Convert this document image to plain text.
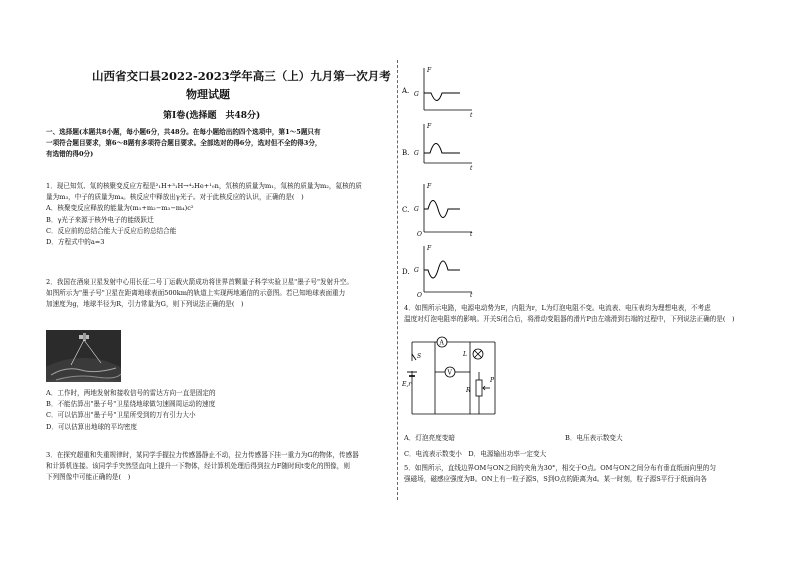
山西省交口县2022-2023学年高三（上）九月第一次月考
物理试题
第Ⅰ卷(选择题　共48分)
一、选择题(本题共8小题，每小题6分，共48分。在每小题给出的四个选项中，第1～5题只有
一项符合题目要求，第6～8题有多项符合题目要求。全部选对的得6分，选对但不全的得3分，
有选错的得0分)
1．现已知氘、氚的核聚变反应方程是²₁H+³₁H→⁴₂He+¹₀n，氘核的质量为m₁，氚核的质量为m₂，氦核的质
量为m₃，中子的质量为m₄。核反应中释放出γ光子。对于此核反应的认识，正确的是(　)
A．核聚变反应释放的能量为(m₁+m₂−m₃−m₄)c²
B．γ光子来源于核外电子的能级跃迁
C．反应前的总结合能大于反应后的总结合能
D．方程式中的a=3
2．我国在酒泉卫星发射中心用长征二号丁运载火箭成功将世界首颗量子科学实验卫星"墨子号"发射升空。
如图所示为"墨子号"卫星在距离地球表面500km的轨道上实现两地通信的示意图。若已知地球表面重力
加速度为g，地球半径为R，引力常量为G，则下列说法正确的是(　)
A．工作时，两地发射和接收信号的雷达方向一直是固定的
B．不能估算出"墨子号"卫星绕地球做匀速圆周运动的速度
C．可以估算出"墨子号"卫星所受到的万有引力大小
D．可以估算出地球的平均密度
3．在探究超重和失重规律时，某同学手握拉力传感器静止不动，拉力传感器下挂一重力为G的物体，传感器
和计算机连接。该同学手突然竖直向上提升一下物体，经计算机处理后得到拉力F随时间t变化的图像，则
下列图像中可能正确的是(　)
A.
F
G
t
B.
F
G
t
C.
F
G
t
O
D.
F
G
t
O
4．如图所示电路，电源电动势为E，内阻为r，L为灯泡电阻不变。电流表、电压表均为理想电表，不考虑
温度对灯泡电阻率的影响。开关S闭合后，将滑动变阻器的滑片P由左端滑到右端的过程中，下列说法正确的是(　)
A
V
S
E,r
L
R
P
A．灯泡亮度变暗	B．电压表示数变大
C．电流表示数变小　D．电源输出功率一定变大
5．如图所示，直线边界OM与ON之间的夹角为30°，相交于O点。OM与ON之间分布有垂直纸面向里的匀
强磁场，磁感应强度为B。ON上有一粒子源S，S到O点的距离为d。某一时刻，粒子源S平行于纸面向各
